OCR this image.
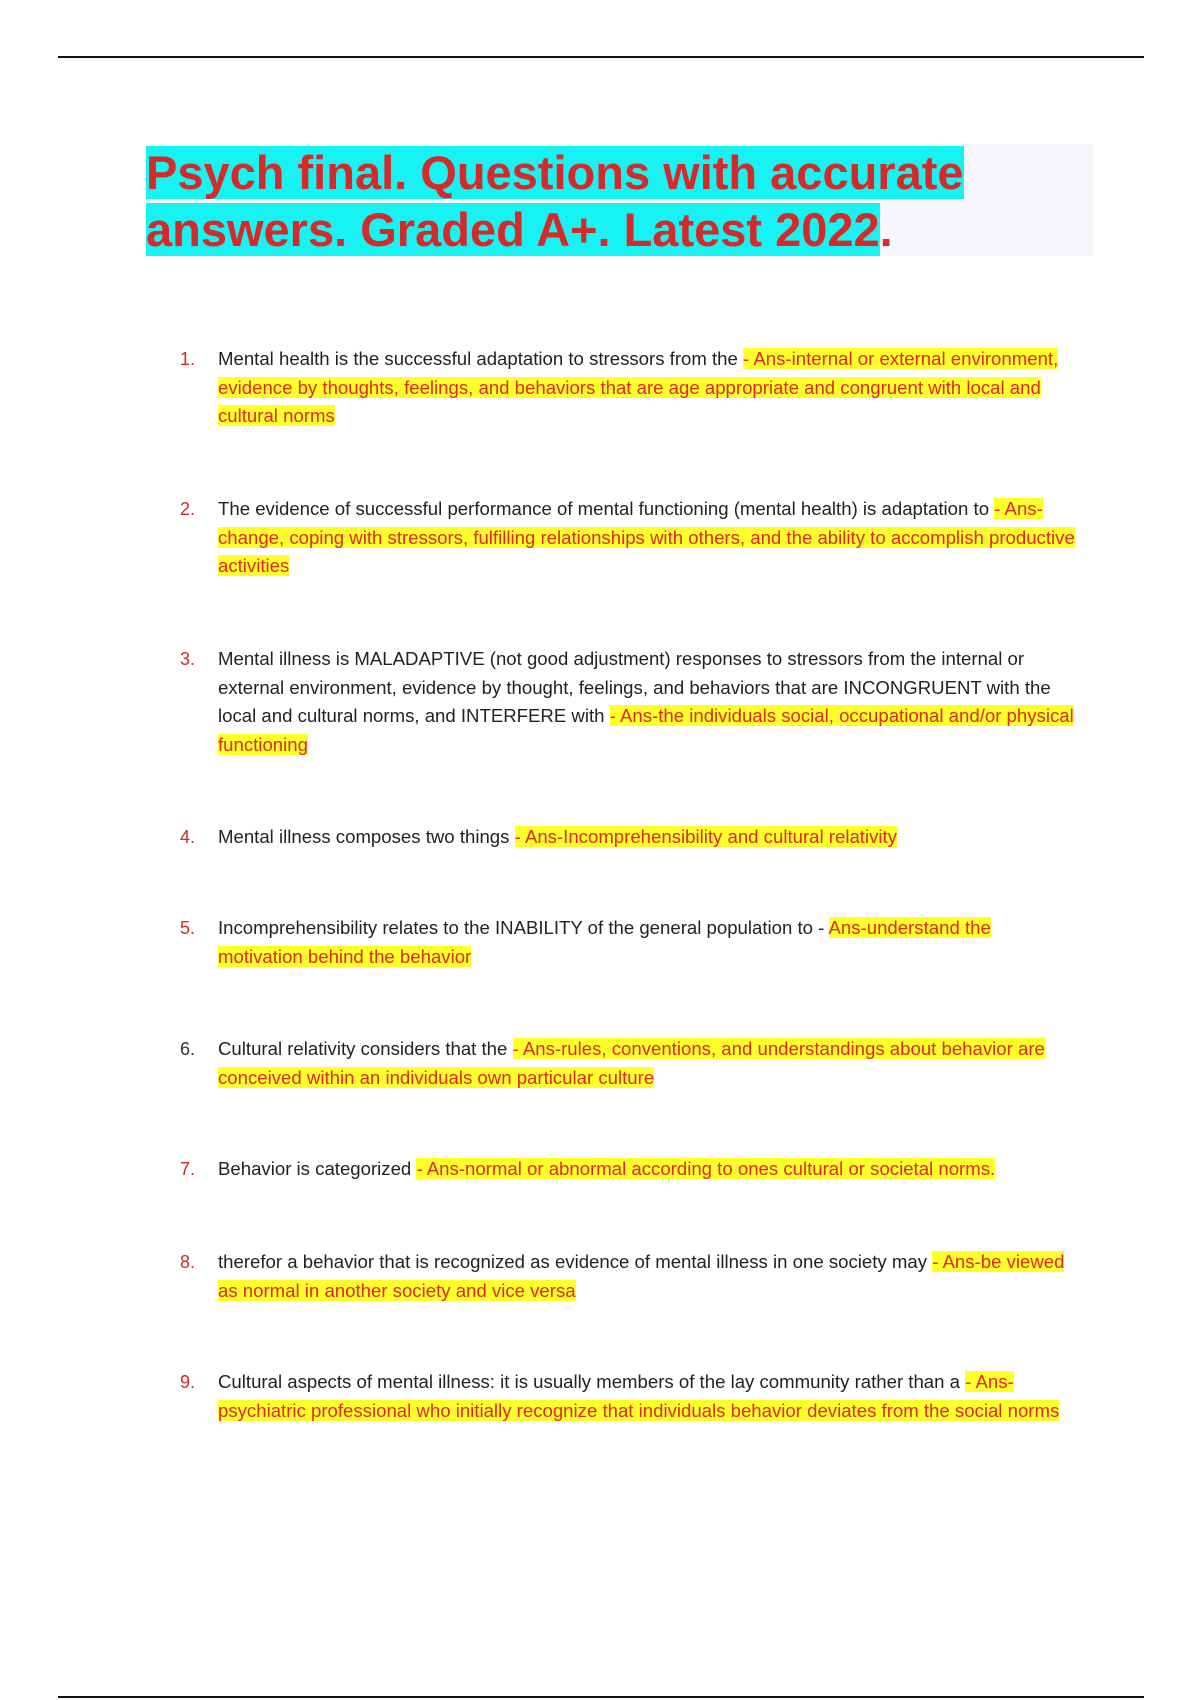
Psych final. Questions with accurate answers. Graded A+. Latest 2022.
1. Mental health is the successful adaptation to stressors from the - Ans-internal or external environment, evidence by thoughts, feelings, and behaviors that are age appropriate and congruent with local and cultural norms
2. The evidence of successful performance of mental functioning (mental health) is adaptation to - Ans-change, coping with stressors, fulfilling relationships with others, and the ability to accomplish productive activities
3. Mental illness is MALADAPTIVE (not good adjustment) responses to stressors from the internal or external environment, evidence by thought, feelings, and behaviors that are INCONGRUENT with the local and cultural norms, and INTERFERE with - Ans-the individuals social, occupational and/or physical functioning
4. Mental illness composes two things - Ans-Incomprehensibility and cultural relativity
5. Incomprehensibility relates to the INABILITY of the general population to - Ans-understand the motivation behind the behavior
6. Cultural relativity considers that the - Ans-rules, conventions, and understandings about behavior are conceived within an individuals own particular culture
7. Behavior is categorized - Ans-normal or abnormal according to ones cultural or societal norms.
8. therefor a behavior that is recognized as evidence of mental illness in one society may - Ans-be viewed as normal in another society and vice versa
9. Cultural aspects of mental illness: it is usually members of the lay community rather than a - Ans-psychiatric professional who initially recognize that individuals behavior deviates from the social norms
